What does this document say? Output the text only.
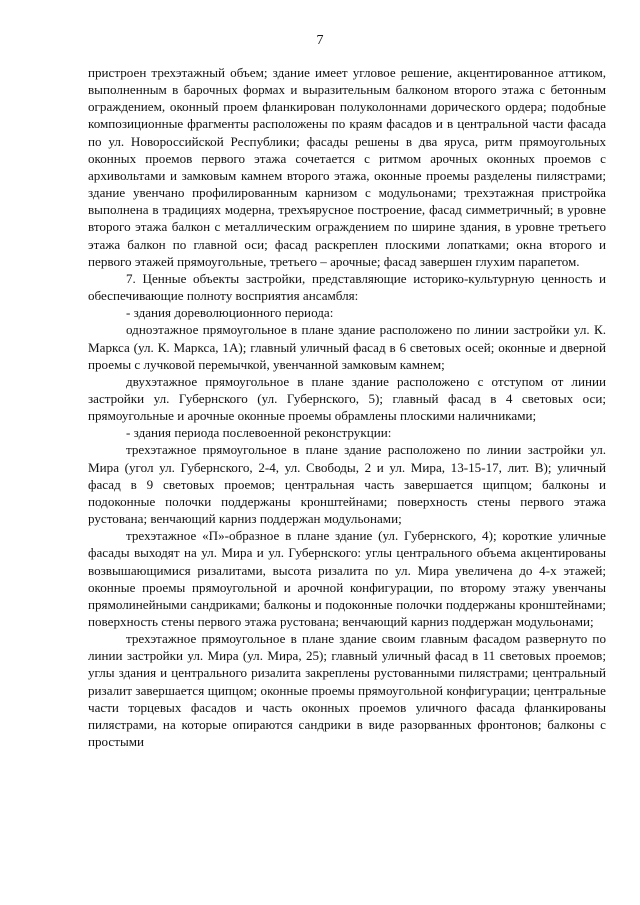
7

пристроен трехэтажный объем; здание имеет угловое решение, акцентированное аттиком, выполненным в барочных формах и выразительным балконом второго этажа с бетонным ограждением, оконный проем фланкирован полуколоннами дорического ордера; подобные композиционные фрагменты расположены по краям фасадов и в центральной части фасада по ул. Новороссийской Республики; фасады решены в два яруса, ритм прямоугольных оконных проемов первого этажа сочетается с ритмом арочных оконных проемов с архивольтами и замковым камнем второго этажа, оконные проемы разделены пилястрами; здание увенчано профилированным карнизом с модульонами; трехэтажная пристройка выполнена в традициях модерна, трехъярусное построение, фасад симметричный; в уровне второго этажа балкон с металлическим ограждением по ширине здания, в уровне третьего этажа балкон по главной оси; фасад раскреплен плоскими лопатками; окна второго и первого этажей прямоугольные, третьего – арочные; фасад завершен глухим парапетом.

7. Ценные объекты застройки, представляющие историко-культурную ценность и обеспечивающие полноту восприятия ансамбля:

- здания дореволюционного периода:

одноэтажное прямоугольное в плане здание расположено по линии застройки ул. К. Маркса (ул. К. Маркса, 1А); главный уличный фасад в 6 световых осей; оконные и дверной проемы с лучковой перемычкой, увенчанной замковым камнем;

двухэтажное прямоугольное в плане здание расположено с отступом от линии застройки ул. Губернского (ул. Губернского, 5); главный фасад в 4 световых оси; прямоугольные и арочные оконные проемы обрамлены плоскими наличниками;

- здания периода послевоенной реконструкции:

трехэтажное прямоугольное в плане здание расположено по линии застройки ул. Мира (угол ул. Губернского, 2-4, ул. Свободы, 2 и ул. Мира, 13-15-17, лит. В); уличный фасад в 9 световых проемов; центральная часть завершается щипцом; балконы и подоконные полочки поддержаны кронштейнами; поверхность стены первого этажа рустована; венчающий карниз поддержан модульонами;

трехэтажное «П»-образное в плане здание (ул. Губернского, 4); короткие уличные фасады выходят на ул. Мира и ул. Губернского: углы центрального объема акцентированы возвышающимися ризалитами, высота ризалита по ул. Мира увеличена до 4-х этажей; оконные проемы прямоугольной и арочной конфигурации, по второму этажу увенчаны прямолинейными сандриками; балконы и подоконные полочки поддержаны кронштейнами; поверхность стены первого этажа рустована; венчающий карниз поддержан модульонами;

трехэтажное прямоугольное в плане здание своим главным фасадом развернуто по линии застройки ул. Мира (ул. Мира, 25); главный уличный фасад в 11 световых проемов; углы здания и центрального ризалита закреплены рустованными пилястрами; центральный ризалит завершается щипцом; оконные проемы прямоугольной конфигурации; центральные части торцевых фасадов и часть оконных проемов уличного фасада фланкированы пилястрами, на которые опираются сандрики в виде разорванных фронтонов; балконы с простыми
